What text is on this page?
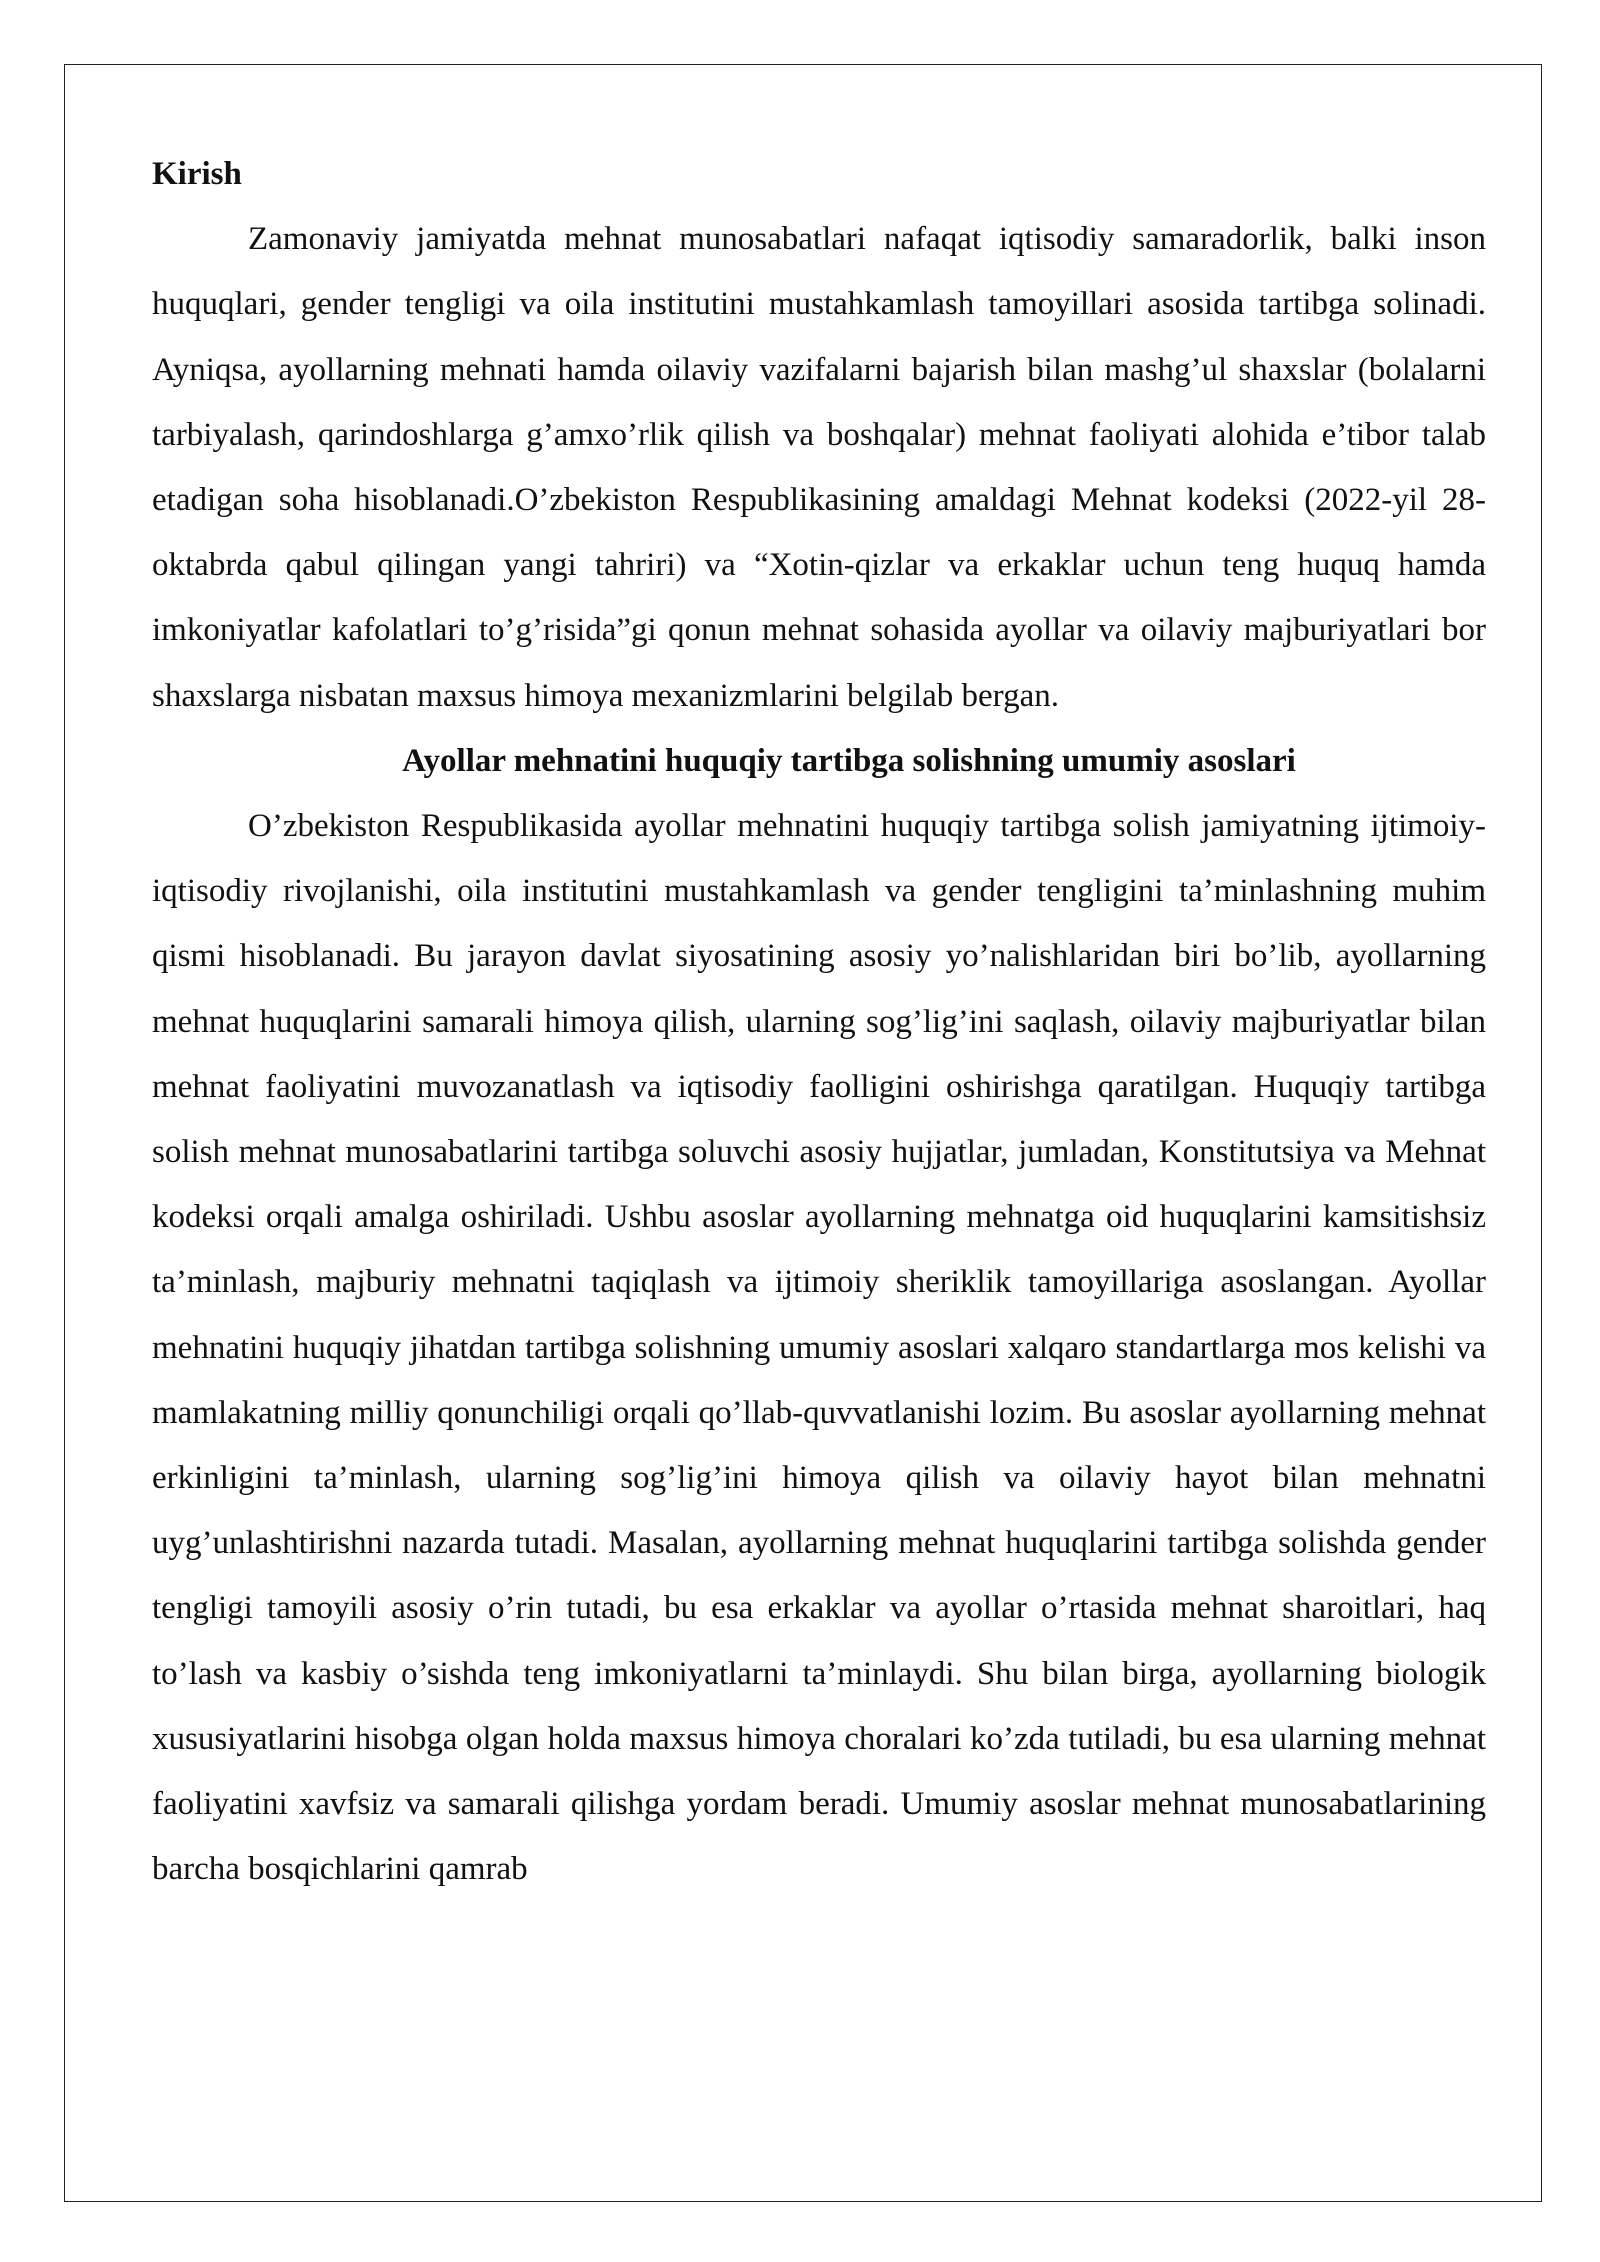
Kirish

Zamonaviy jamiyatda mehnat munosabatlari nafaqat iqtisodiy samaradorlik, balki inson huquqlari, gender tengligi va oila institutini mustahkamlash tamoyillari asosida tartibga solinadi. Ayniqsa, ayollarning mehnati hamda oilaviy vazifalarni bajarish bilan mashg’ul shaxslar (bolalarni tarbiyalash, qarindoshlarga g’amxo’rlik qilish va boshqalar) mehnat faoliyati alohida e’tibor talab etadigan soha hisoblanadi.O’zbekiston Respublikasining amaldagi Mehnat kodeksi (2022-yil 28-oktabrda qabul qilingan yangi tahriri) va “Xotin-qizlar va erkaklar uchun teng huquq hamda imkoniyatlar kafolatlari to’g’risida”gi qonun mehnat sohasida ayollar va oilaviy majburiyatlari bor shaxslarga nisbatan maxsus himoya mexanizmlarini belgilab bergan.

Ayollar mehnatini huquqiy tartibga solishning umumiy asoslari

O’zbekiston Respublikasida ayollar mehnatini huquqiy tartibga solish jamiyatning ijtimoiy-iqtisodiy rivojlanishi, oila institutini mustahkamlash va gender tengligini ta’minlashning muhim qismi hisoblanadi. Bu jarayon davlat siyosatining asosiy yo’nalishlaridan biri bo’lib, ayollarning mehnat huquqlarini samarali himoya qilish, ularning sog’lig’ini saqlash, oilaviy majburiyatlar bilan mehnat faoliyatini muvozanatlash va iqtisodiy faolligini oshirishga qaratilgan. Huquqiy tartibga solish mehnat munosabatlarini tartibga soluvchi asosiy hujjatlar, jumladan, Konstitutsiya va Mehnat kodeksi orqali amalga oshiriladi. Ushbu asoslar ayollarning mehnatga oid huquqlarini kamsitishsiz ta’minlash, majburiy mehnatni taqiqlash va ijtimoiy sheriklik tamoyillariga asoslangan. Ayollar mehnatini huquqiy jihatdan tartibga solishning umumiy asoslari xalqaro standartlarga mos kelishi va mamlakatning milliy qonunchiligi orqali qo’llab-quvvatlanishi lozim. Bu asoslar ayollarning mehnat erkinligini ta’minlash, ularning sog’lig’ini himoya qilish va oilaviy hayot bilan mehnatni uyg’unlashtirishni nazarda tutadi. Masalan, ayollarning mehnat huquqlarini tartibga solishda gender tengligi tamoyili asosiy o’rin tutadi, bu esa erkaklar va ayollar o’rtasida mehnat sharoitlari, haq to’lash va kasbiy o’sishda teng imkoniyatlarni ta’minlaydi. Shu bilan birga, ayollarning biologik xususiyatlarini hisobga olgan holda maxsus himoya choralari ko’zda tutiladi, bu esa ularning mehnat faoliyatini xavfsiz va samarali qilishga yordam beradi. Umumiy asoslar mehnat munosabatlarining barcha bosqichlarini qamrab
